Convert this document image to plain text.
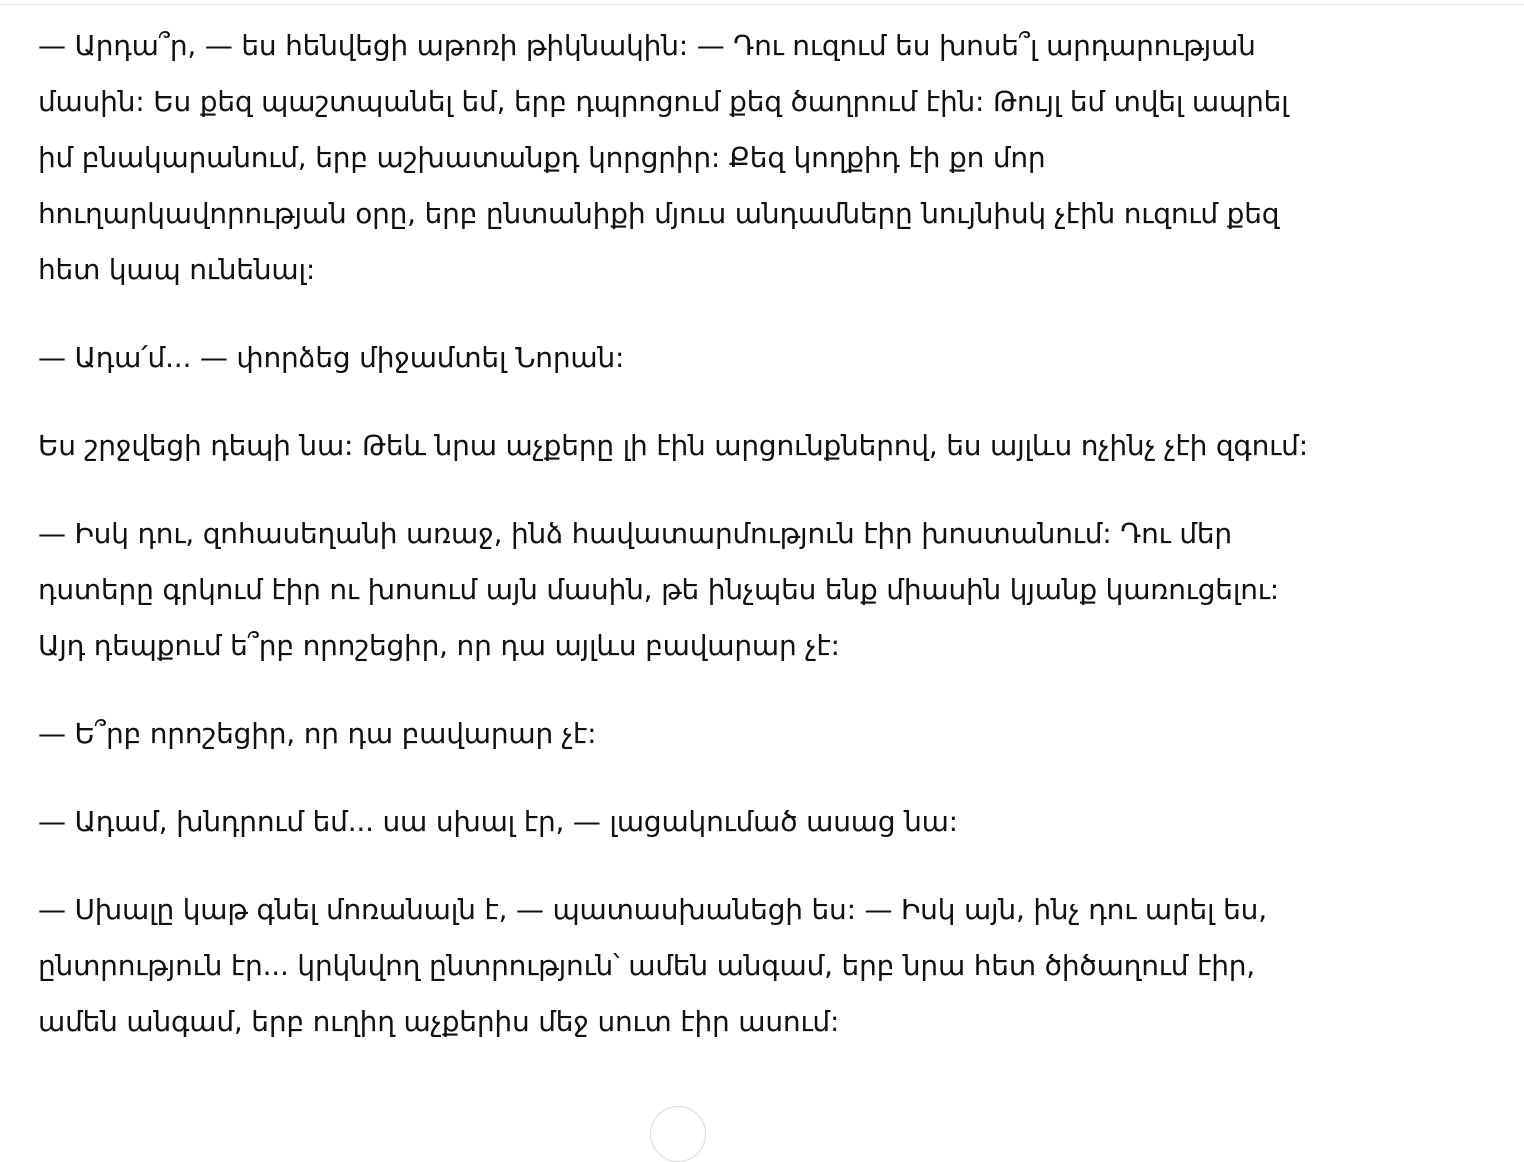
— Արդա՞ր, — ես հենվեցի աթոռի թիկնակին: — Դու ուզում ես խոսե՞լ արդարության մասին: Ես քեզ պաշտպանել եմ, երբ դպրոցում քեզ ծաղրում էին: Թույլ եմ տվել ապրել իմ բնակարանում, երբ աշխատանքդ կորցրիր: Քեզ կողքիդ էի քո մոր հուղարկավորության օրը, երբ ընտանիքի մյուս անդամները նույնիսկ չէին ուզում քեզ հետ կապ ունենալ:

— Ադա՛մ... — փորձեց միջամտել Նորան:

Ես շրջվեցի դեպի նա: Թեև նրա աչքերը լի էին արցունքներով, ես այլևս ոչինչ չէի զգում:

— Իսկ դու, զոհասեղանի առաջ, ինձ հավատարմություն էիր խոստանում: Դու մեր դստերը գրկում էիր ու խոսում այն մասին, թե ինչպես ենք միասին կյանք կառուցելու: Այդ դեպքում ե՞րբ որոշեցիր, որ դա այլևս բավարար չէ:

— Ե՞րբ որոշեցիր, որ դա բավարար չէ:

— Ադամ, խնդրում եմ... սա սխալ էր, — լացակումած ասաց նա:

— Սխալը կաթ գնել մոռանալն է, — պատասխանեցի ես: — Իսկ այն, ինչ դու արել ես, ընտրություն էր... կրկնվող ընտրություն՝ ամեն անգամ, երբ նրա հետ ծիծաղում էիր, ամեն անգամ, երբ ուղիղ աչքերիս մեջ սուտ էիր ասում:
